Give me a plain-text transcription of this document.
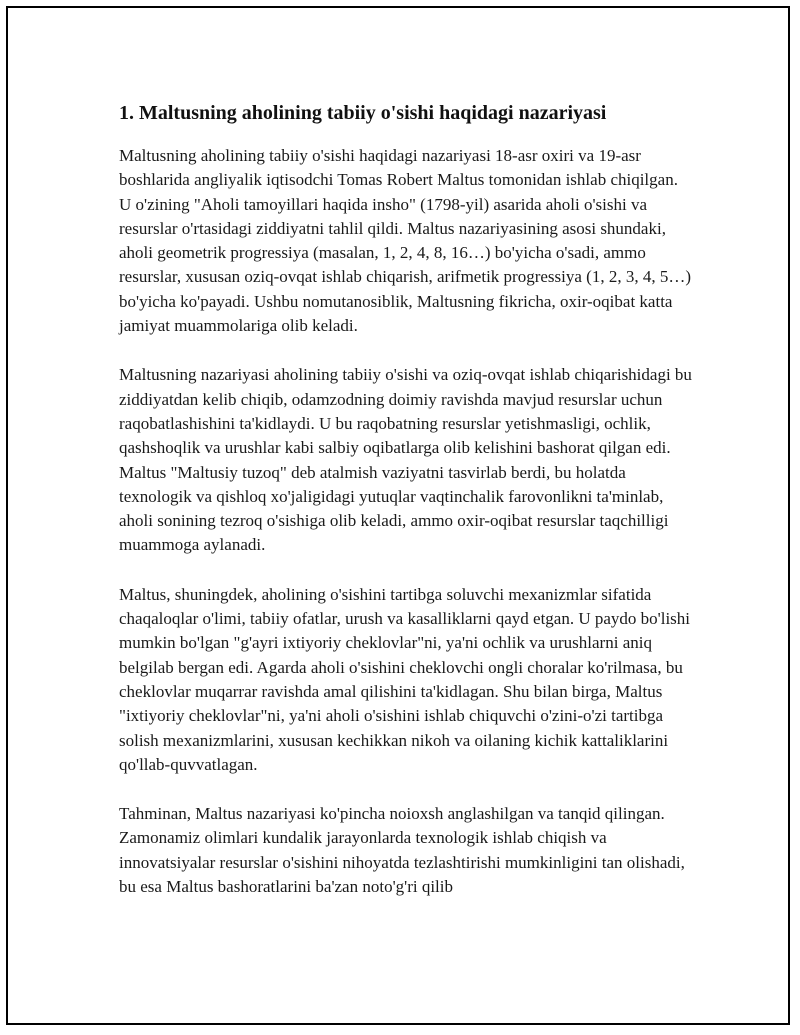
1. Maltusning aholining tabiiy o'sishi haqidagi nazariyasi

Maltusning aholining tabiiy o'sishi haqidagi nazariyasi 18-asr oxiri va 19-asr boshlarida angliyalik iqtisodchi Tomas Robert Maltus tomonidan ishlab chiqilgan. U o'zining "Aholi tamoyillari haqida insho" (1798-yil) asarida aholi o'sishi va resurslar o'rtasidagi ziddiyatni tahlil qildi. Maltus nazariyasining asosi shundaki, aholi geometrik progressiya (masalan, 1, 2, 4, 8, 16…) bo'yicha o'sadi, ammo resurslar, xususan oziq-ovqat ishlab chiqarish, arifmetik progressiya (1, 2, 3, 4, 5…) bo'yicha ko'payadi. Ushbu nomutanosiblik, Maltusning fikricha, oxir-oqibat katta jamiyat muammolariga olib keladi.

Maltusning nazariyasi aholining tabiiy o'sishi va oziq-ovqat ishlab chiqarishidagi bu ziddiyatdan kelib chiqib, odamzodning doimiy ravishda mavjud resurslar uchun raqobatlashishini ta'kidlaydi. U bu raqobatning resurslar yetishmasligi, ochlik, qashshoqlik va urushlar kabi salbiy oqibatlarga olib kelishini bashorat qilgan edi. Maltus "Maltusiy tuzoq" deb atalmish vaziyatni tasvirlab berdi, bu holatda texnologik va qishloq xo'jaligidagi yutuqlar vaqtinchalik farovonlikni ta'minlab, aholi sonining tezroq o'sishiga olib keladi, ammo oxir-oqibat resurslar taqchilligi muammoga aylanadi.

Maltus, shuningdek, aholining o'sishini tartibga soluvchi mexanizmlar sifatida chaqaloqlar o'limi, tabiiy ofatlar, urush va kasalliklarni qayd etgan. U paydo bo'lishi mumkin bo'lgan "g'ayri ixtiyoriy cheklovlar"ni, ya'ni ochlik va urushlarni aniq belgilab bergan edi. Agarda aholi o'sishini cheklovchi ongli choralar ko'rilmasa, bu cheklovlar muqarrar ravishda amal qilishini ta'kidlagan. Shu bilan birga, Maltus "ixtiyoriy cheklovlar"ni, ya'ni aholi o'sishini ishlab chiquvchi o'zini-o'zi tartibga solish mexanizmlarini, xususan kechikkan nikoh va oilaning kichik kattaliklarini qo'llab-quvvatlagan.

Tahminan, Maltus nazariyasi ko'pincha noioxsh anglashilgan va tanqid qilingan. Zamonamiz olimlari kundalik jarayonlarda texnologik ishlab chiqish va innovatsiyalar resurslar o'sishini nihoyatda tezlashtirishi mumkinligini tan olishadi, bu esa Maltus bashoratlarini ba'zan noto'g'ri qilib
